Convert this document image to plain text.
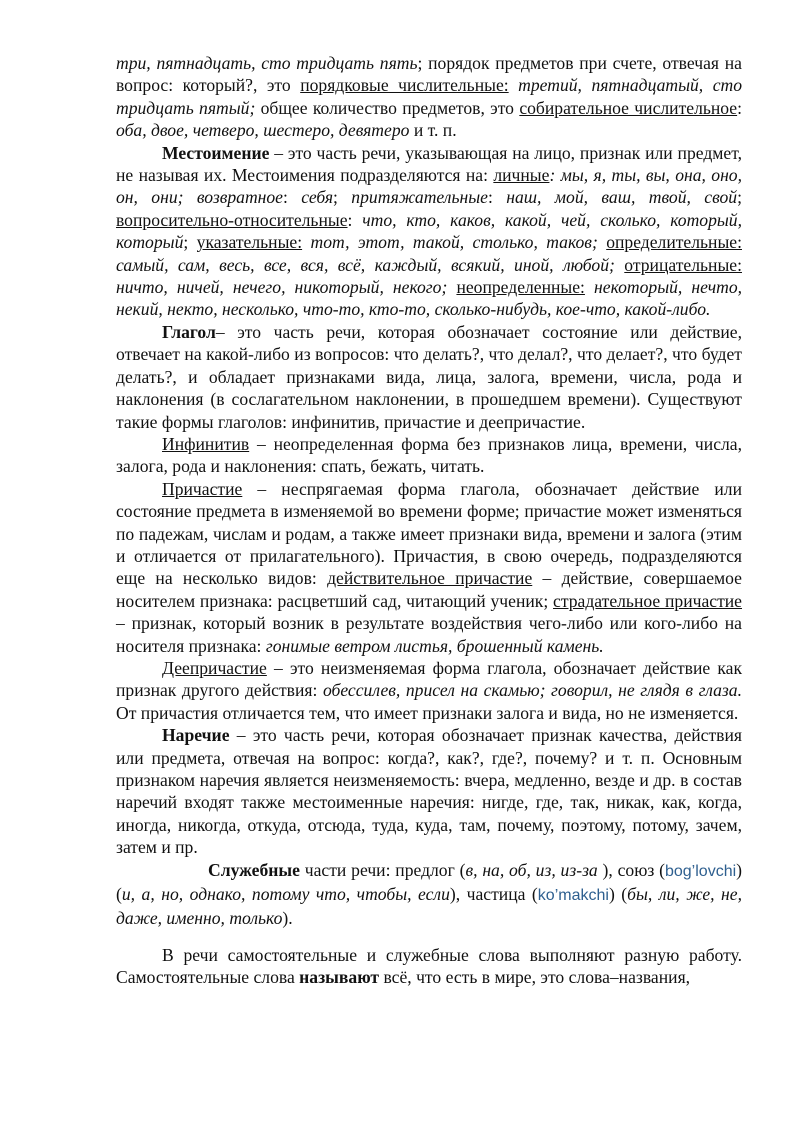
три, пятнадцать, сто тридцать пять; порядок предметов при счете, отвечая на вопрос: который?, это порядковые числительные: третий, пятнадцатый, сто тридцать пятый; общее количество предметов, это собирательное числительное: оба, двое, четверо, шестеро, девятеро и т. п.

Местоимение – это часть речи, указывающая на лицо, признак или предмет, не называя их. Местоимения подразделяются на: личные: мы, я, ты, вы, она, оно, он, они; возвратное: себя; притяжательные: наш, мой, ваш, твой, свой; вопросительно-относительные: что, кто, каков, какой, чей, сколько, который, который; указательные: тот, этот, такой, столько, таков; определительные: самый, сам, весь, все, вся, всё, каждый, всякий, иной, любой; отрицательные: ничто, ничей, нечего, никоторый, некого; неопределенные: некоторый, нечто, некий, некто, несколько, что-то, кто-то, сколько-нибудь, кое-что, какой-либо.

Глагол– это часть речи, которая обозначает состояние или действие, отвечает на какой-либо из вопросов: что делать?, что делал?, что делает?, что будет делать?, и обладает признаками вида, лица, залога, времени, числа, рода и наклонения (в сослагательном наклонении, в прошедшем времени). Существуют такие формы глаголов: инфинитив, причастие и деепричастие.

Инфинитив – неопределенная форма без признаков лица, времени, числа, залога, рода и наклонения: спать, бежать, читать.

Причастие – неспрягаемая форма глагола, обозначает действие или состояние предмета в изменяемой во времени форме; причастие может изменяться по падежам, числам и родам, а также имеет признаки вида, времени и залога (этим и отличается от прилагательного). Причастия, в свою очередь, подразделяются еще на несколько видов: действительное причастие – действие, совершаемое носителем признака: расцветший сад, читающий ученик; страдательное причастие – признак, который возник в результате воздействия чего-либо или кого-либо на носителя признака: гонимые ветром листья, брошенный камень.

Деепричастие – это неизменяемая форма глагола, обозначает действие как признак другого действия: обессилев, присел на скамью; говорил, не глядя в глаза. От причастия отличается тем, что имеет признаки залога и вида, но не изменяется.

Наречие – это часть речи, которая обозначает признак качества, действия или предмета, отвечая на вопрос: когда?, как?, где?, почему? и т. п. Основным признаком наречия является неизменяемость: вчера, медленно, везде и др. в состав наречий входят также местоименные наречия: нигде, где, так, никак, как, когда, иногда, никогда, откуда, отсюда, туда, куда, там, почему, поэтому, потому, зачем, затем и пр.

Служебные части речи: предлог (в, на, об, из, из-за ), союз (bog’lovchi) (и, а, но, однако, потому что, чтобы, если), частица (ko’makchi) (бы, ли, же, не, даже, именно, только).

В речи самостоятельные и служебные слова выполняют разную работу. Самостоятельные слова называют всё, что есть в мире, это слова–названия,
